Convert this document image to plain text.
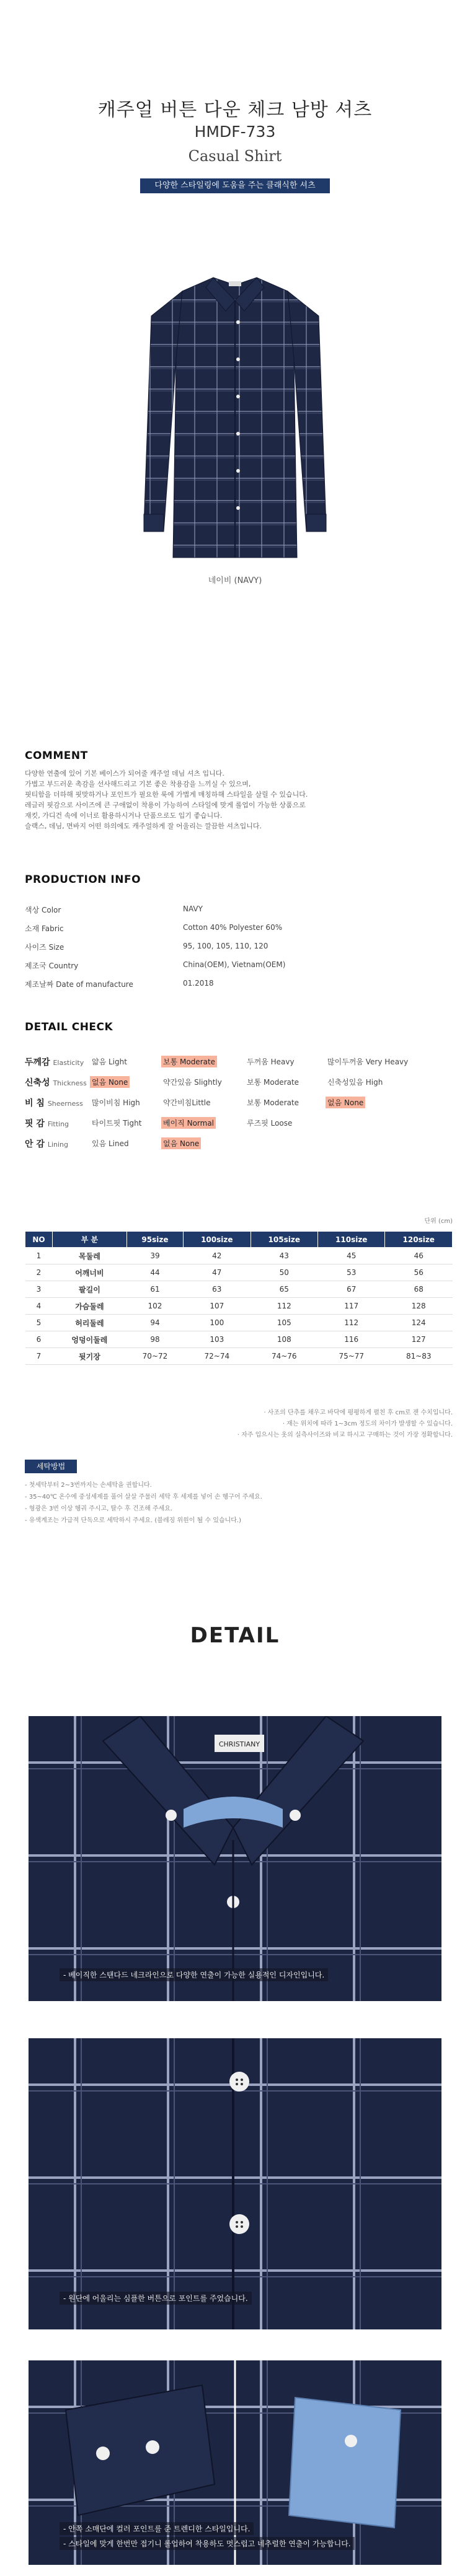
캐주얼 버튼 다운 체크 남방 셔츠
HMDF-733
Casual Shirt
다양한 스타일링에 도움을 주는 클래식한 셔츠
네이비 (NAVY)
COMMENT
다양한 연출에 있어 기본 베이스가 되어줄 캐주얼 데님 셔츠 입니다.
가볍고 부드러운 촉감을 선사해드리고 기본 좋은 착용감을 느끼실 수 있으며,
핏티함을 더하해 핏맞하거나 포인트가 필요한 룩에 가볍게 매칭하해 스타일을 살릴 수 있습니다.
레글러 핏감으로 사이즈에 큰 구애없이 착용이 가능하여 스타일에 맞게 롤업이 가능한 상품으로
재킷, 가디건 속에 이너로 활용하시거나 단품으로도 입기 좋습니다.
슬랙스, 데님, 면바지 어떤 하의에도 캐주얼하게 잘 어울리는 깔끔한 셔츠입니다.
PRODUCTION INFO
색상 Color	NAVY
소재 Fabric	Cotton 40% Polyester 60%
사이즈 Size	95, 100, 105, 110, 120
제조국 Country	China(OEM), Vietnam(OEM)
제조날짜 Date of manufacture	01.2018
DETAIL CHECK
두께감 Elasticity 얇음 Light	보통 Moderate	두꺼움 Heavy	많이두꺼움 Very Heavy
신축성 Thickness 없음 None	약간있음 Slightly	보통 Moderate	신축성있음 High
비 침 Sheerness 많이비침 High	약간비침Little	보통 Moderate	없음 None
핏 감 Fitting	타이트핏 Tight	베이직 Normal	루즈핏 Loose
안 감 Lining	있음 Lined	없음 None
단위 (cm)
NO	부 분	95size	100size	105size	110size	120size
1	목둘레	39	42	43	45	46
2	어깨너비	44	47	50	53	56
3	팔길이	61	63	65	67	68
4	가슴둘레	102	107	112	117	128
5	허리둘레	94	100	105	112	124
6	엉덩이둘레	98	103	108	116	127
7	뒷기장	70~72	72~74	74~76	75~77	81~83
· 사조의 단추를 채우고 바닥에 평평하게 펼친 후 cm로 잰 수치입니다.
· 재는 위치에 따라 1~3cm 정도의 차이가 발생할 수 있습니다.
· 자주 입으시는 옷의 실측사이즈와 비교 하시고 구매하는 것이 가장 정확합니다.
세탁방법
- 첫세탁부터 2~3번까지는 손세탁을 권합니다.
- 35~40℃ 온수에 중성세제를 풀어 살살 주물러 세탁 후 세제를 넣어 손 헹구어 주세요.
- 형광은 3번 이상 헹궈 주시고, 탈수 후 건조해 주세요.
- 유색계조는 가급적 단독으로 세탁하시 주세요. (블레징 위원이 될 수 있습니다.)
DETAIL
CHRISTIANY
- 베이직한 스탠다드 네크라인으로 다양한 연출이 가능한 실용적인 디자인입니다.
- 원단에 어울리는 심플한 버튼으로 포인트를 주었습니다.
- 안쪽 소매단에 컬러 포인트를 준 트렌디한 스타일입니다.
- 스타일에 맞게 한번만 접기니 롤업하여 착용하도 멋스럽고 네추럴한 연출이 가능합니다.
